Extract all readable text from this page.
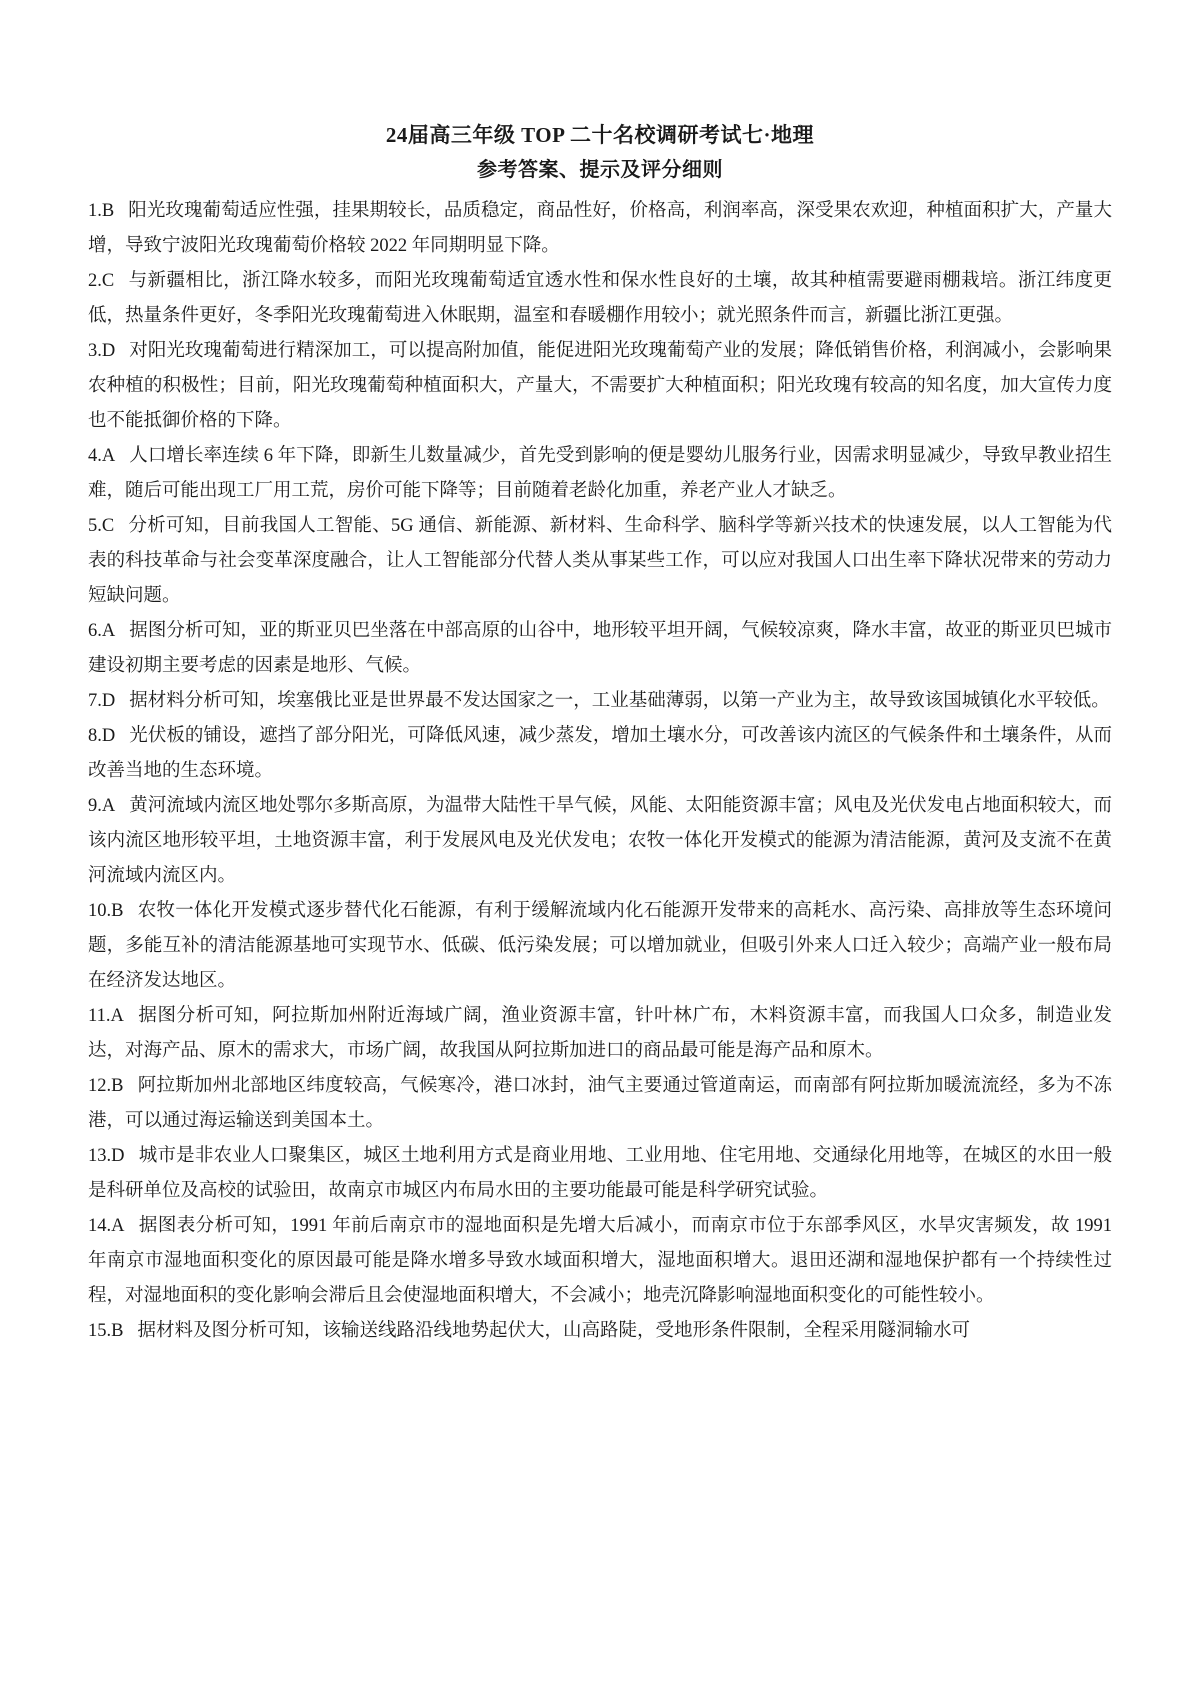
24届高三年级 TOP 二十名校调研考试七·地理
参考答案、提示及评分细则

1.B 阳光玫瑰葡萄适应性强，挂果期较长，品质稳定，商品性好，价格高，利润率高，深受果农欢迎，种植面积扩大，产量大增，导致宁波阳光玫瑰葡萄价格较 2022 年同期明显下降。

2.C 与新疆相比，浙江降水较多，而阳光玫瑰葡萄适宜透水性和保水性良好的土壤，故其种植需要避雨棚栽培。浙江纬度更低，热量条件更好，冬季阳光玫瑰葡萄进入休眠期，温室和春暖棚作用较小；就光照条件而言，新疆比浙江更强。

3.D 对阳光玫瑰葡萄进行精深加工，可以提高附加值，能促进阳光玫瑰葡萄产业的发展；降低销售价格，利润减小，会影响果农种植的积极性；目前，阳光玫瑰葡萄种植面积大，产量大，不需要扩大种植面积；阳光玫瑰有较高的知名度，加大宣传力度也不能抵御价格的下降。

4.A 人口增长率连续 6 年下降，即新生儿数量减少，首先受到影响的便是婴幼儿服务行业，因需求明显减少，导致早教业招生难，随后可能出现工厂用工荒，房价可能下降等；目前随着老龄化加重，养老产业人才缺乏。

5.C 分析可知，目前我国人工智能、5G 通信、新能源、新材料、生命科学、脑科学等新兴技术的快速发展，以人工智能为代表的科技革命与社会变革深度融合，让人工智能部分代替人类从事某些工作，可以应对我国人口出生率下降状况带来的劳动力短缺问题。

6.A 据图分析可知，亚的斯亚贝巴坐落在中部高原的山谷中，地形较平坦开阔，气候较凉爽，降水丰富，故亚的斯亚贝巴城市建设初期主要考虑的因素是地形、气候。

7.D 据材料分析可知，埃塞俄比亚是世界最不发达国家之一，工业基础薄弱，以第一产业为主，故导致该国城镇化水平较低。

8.D 光伏板的铺设，遮挡了部分阳光，可降低风速，减少蒸发，增加土壤水分，可改善该内流区的气候条件和土壤条件，从而改善当地的生态环境。

9.A 黄河流域内流区地处鄂尔多斯高原，为温带大陆性干旱气候，风能、太阳能资源丰富；风电及光伏发电占地面积较大，而该内流区地形较平坦，土地资源丰富，利于发展风电及光伏发电；农牧一体化开发模式的能源为清洁能源，黄河及支流不在黄河流域内流区内。

10.B 农牧一体化开发模式逐步替代化石能源，有利于缓解流域内化石能源开发带来的高耗水、高污染、高排放等生态环境问题，多能互补的清洁能源基地可实现节水、低碳、低污染发展；可以增加就业，但吸引外来人口迁入较少；高端产业一般布局在经济发达地区。

11.A 据图分析可知，阿拉斯加州附近海域广阔，渔业资源丰富，针叶林广布，木料资源丰富，而我国人口众多，制造业发达，对海产品、原木的需求大，市场广阔，故我国从阿拉斯加进口的商品最可能是海产品和原木。

12.B 阿拉斯加州北部地区纬度较高，气候寒冷，港口冰封，油气主要通过管道南运，而南部有阿拉斯加暖流流经，多为不冻港，可以通过海运输送到美国本土。

13.D 城市是非农业人口聚集区，城区土地利用方式是商业用地、工业用地、住宅用地、交通绿化用地等，在城区的水田一般是科研单位及高校的试验田，故南京市城区内布局水田的主要功能最可能是科学研究试验。

14.A 据图表分析可知，1991 年前后南京市的湿地面积是先增大后减小，而南京市位于东部季风区，水旱灾害频发，故 1991 年南京市湿地面积变化的原因最可能是降水增多导致水域面积增大，湿地面积增大。退田还湖和湿地保护都有一个持续性过程，对湿地面积的变化影响会滞后且会使湿地面积增大，不会减小；地壳沉降影响湿地面积变化的可能性较小。

15.B 据材料及图分析可知，该输送线路沿线地势起伏大，山高路陡，受地形条件限制，全程采用隧洞输水可
